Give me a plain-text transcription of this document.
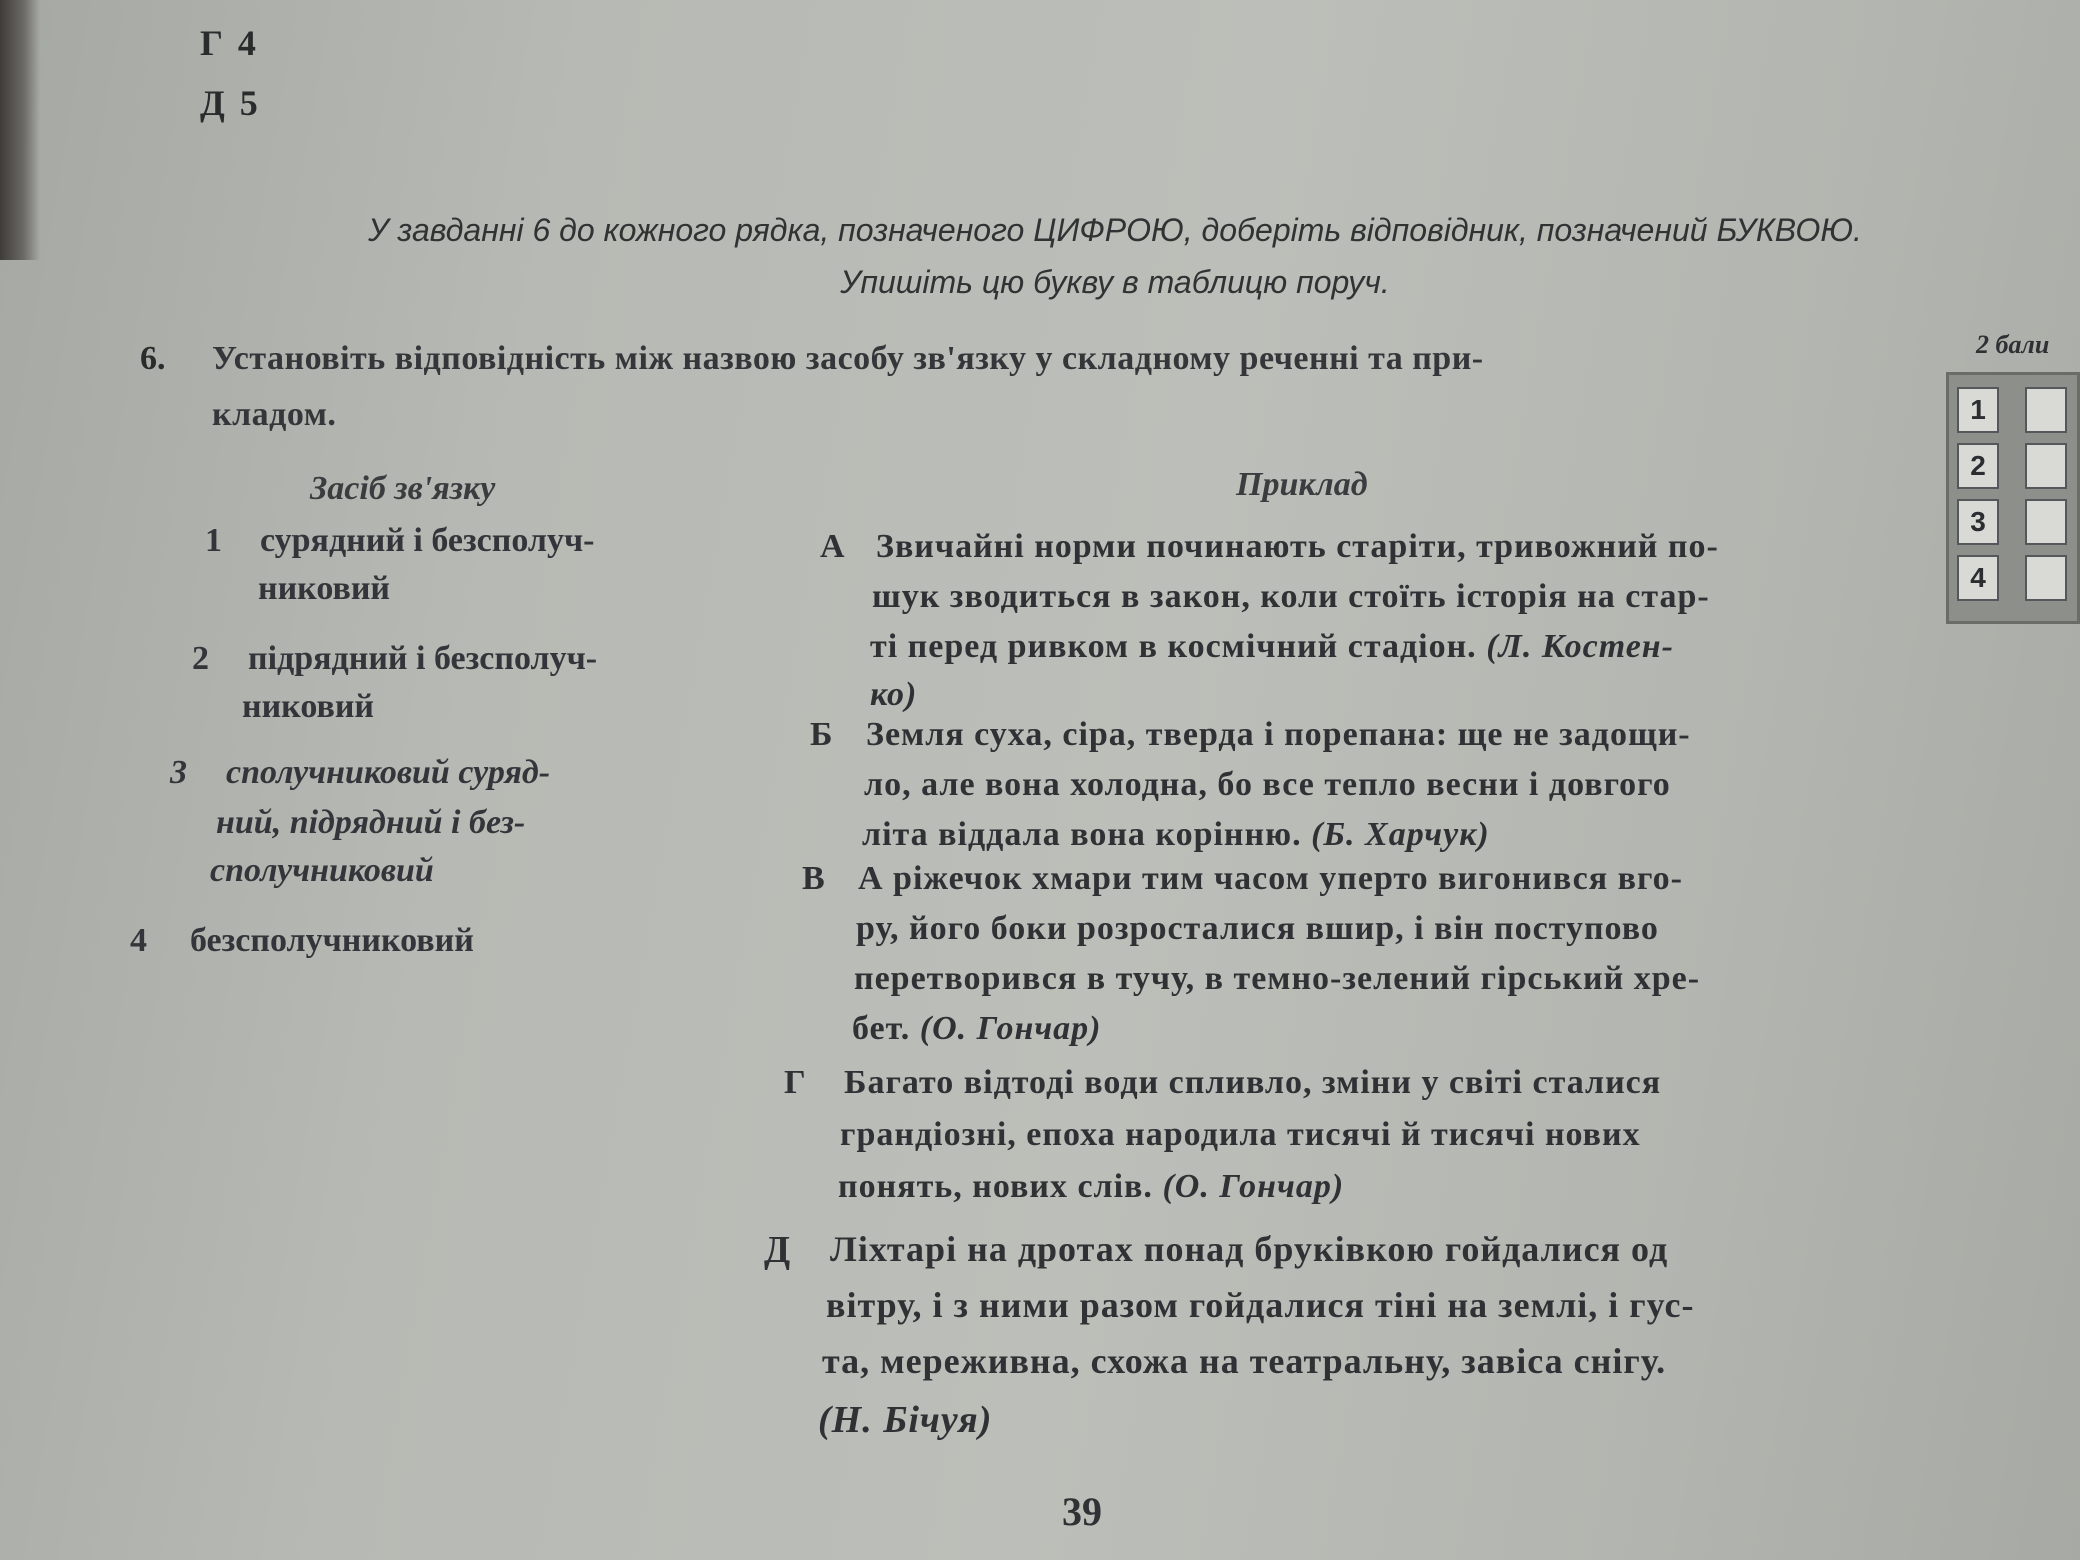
Г 4
Д 5
У завданні 6 до кожного рядка, позначеного ЦИФРОЮ, доберіть відповідник, позначений БУКВОЮ.
Упишіть цю букву в таблицю поруч.
6. Установіть відповідність між назвою засобу зв'язку у складному реченні та при-
кладом.
2 бали
1
2
3
4
Засіб зв'язку	Приклад
1 сурядний і безсполуч-
никовий
2 підрядний і безсполуч-
никовий
3 сполучниковий суряд-
ний, підрядний і без-
сполучниковий
4 безсполучниковий
А Звичайні норми починають старіти, тривожний по-
шук зводиться в закон, коли стоїть історія на стар-
ті перед ривком в космічний стадіон. (Л. Костен-
ко)
Б Земля суха, сіра, тверда і порепана: ще не задощи-
ло, але вона холодна, бо все тепло весни і довгого
літа віддала вона корінню. (Б. Харчук)
В А ріжечок хмари тим часом уперто вигонився вго-
ру, його боки розросталися вшир, і він поступово
перетворився в тучу, в темно-зелений гірський хре-
бет. (О. Гончар)
Г Багато відтоді води спливло, зміни у світі сталися
грандіозні, епоха народила тисячі й тисячі нових
понять, нових слів. (О. Гончар)
Д Ліхтарі на дротах понад бруківкою гойдалися од
вітру, і з ними разом гойдалися тіні на землі, і гус-
та, мереживна, схожа на театральну, завіса снігу.
(Н. Бічуя)
39
